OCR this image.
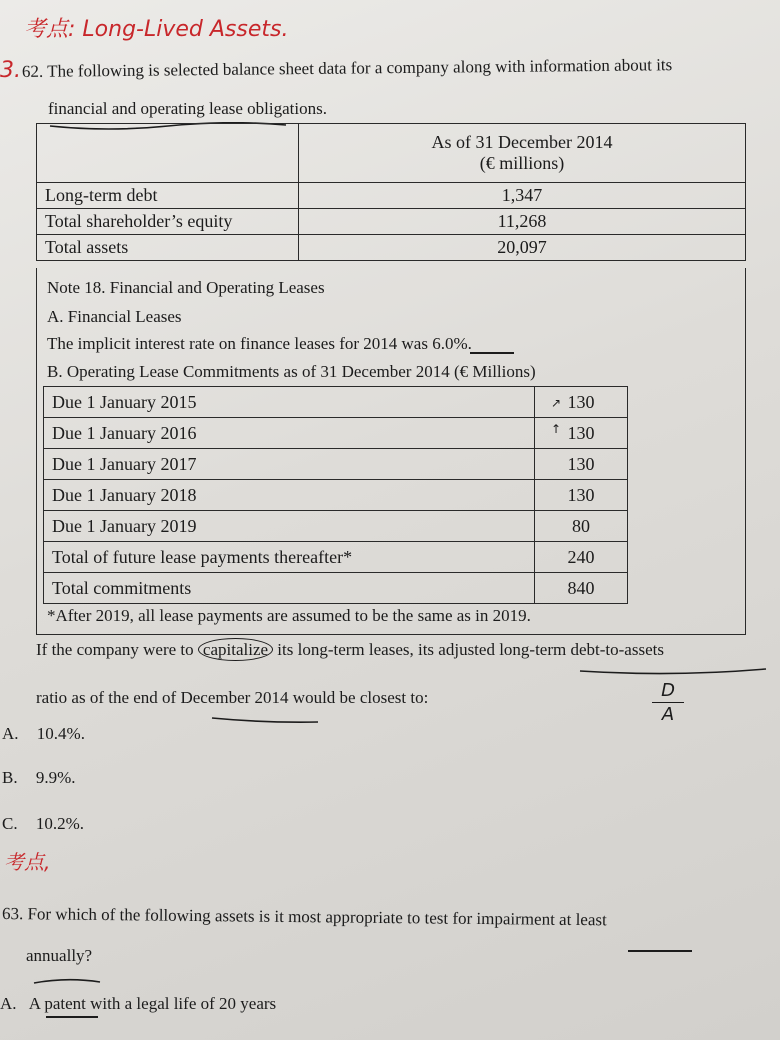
考点: Long-Lived Assets.
3. 62. The following is selected balance sheet data for a company along with information about its
financial and operating lease obligations.

	As of 31 December 2014
(€ millions)

Long-term debt	1,347
Total shareholder’s equity	11,268
Total assets	20,097
Note 18. Financial and Operating Leases
A. Financial Leases
The implicit interest rate on finance leases for 2014 was 6.0%.
B. Operating Lease Commitments as of 31 December 2014 (€ Millions)
Due 1 January 2015	130
Due 1 January 2016	130
Due 1 January 2017	130
Due 1 January 2018	130
Due 1 January 2019	80
Total of future lease payments thereafter*	240
Total commitments	840
↗
↑
*After 2019, all lease payments are assumed to be the same as in 2019.
If the company were to capitalize its long-term leases, its adjusted long-term debt-to-assets
ratio as of the end of December 2014 would be closest to:	D
A
A. 10.4%.
B. 9.9%.
C. 10.2%.
考点,
63. For which of the following assets is it most appropriate to test for impairment at least
annually?
A. A patent with a legal life of 20 years
